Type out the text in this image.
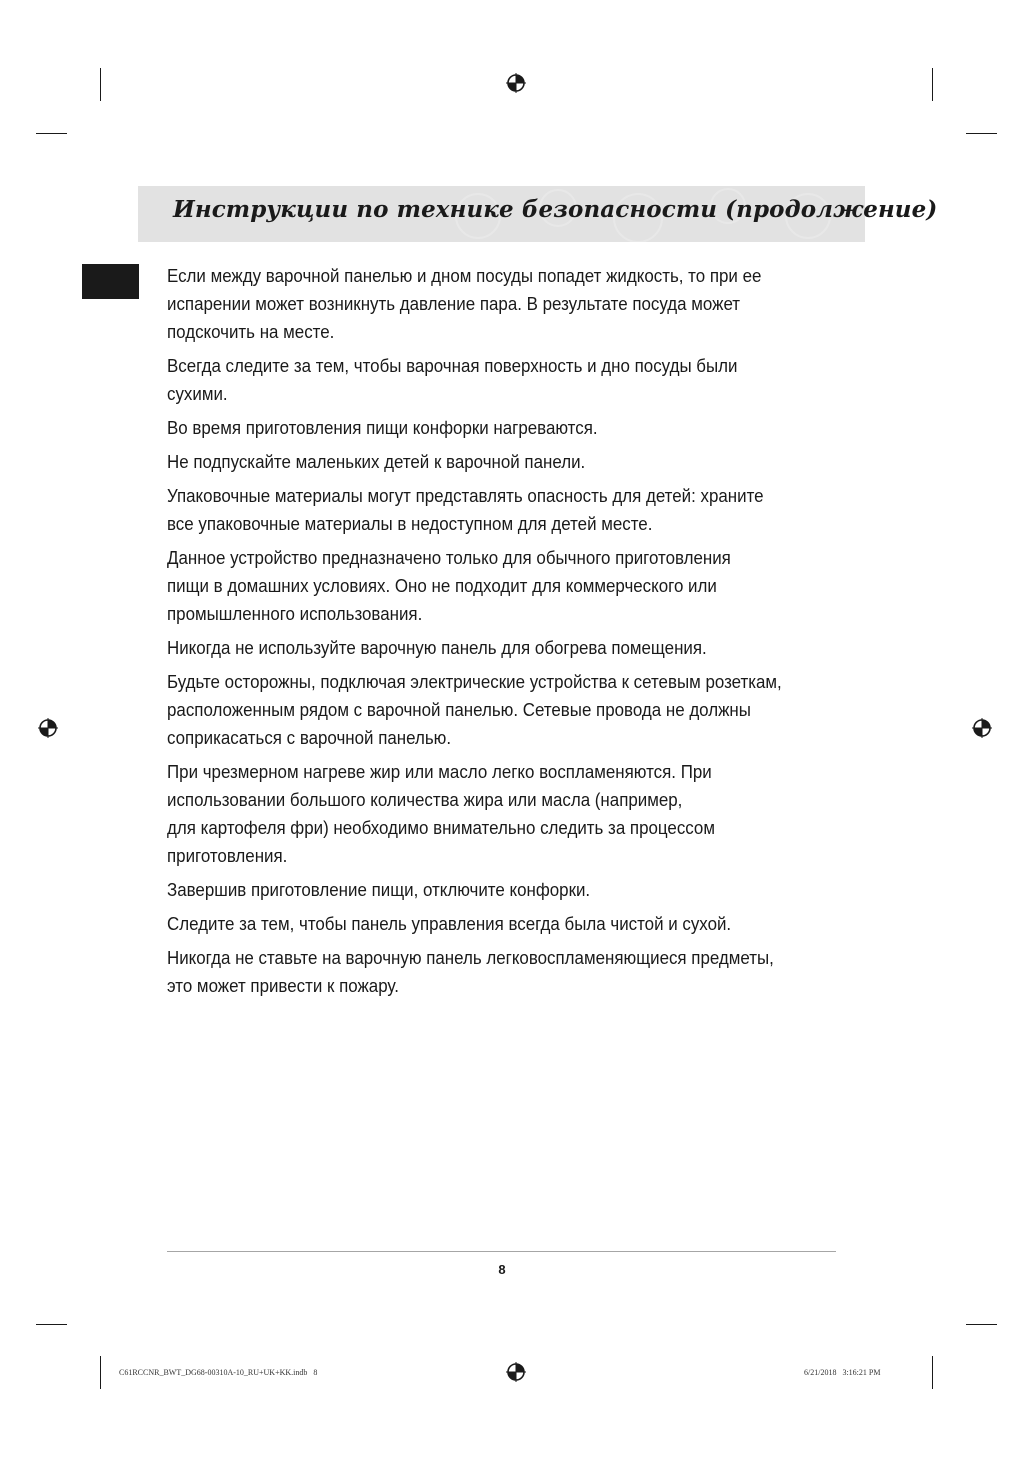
Инструкции по технике безопасности (продолжение)

Если между варочной панелью и дном посуды попадет жидкость, то при ее
испарении может возникнуть давление пара. В результате посуда может
подскочить на месте.

Всегда следите за тем, чтобы варочная поверхность и дно посуды были
сухими.

Во время приготовления пищи конфорки нагреваются.

Не подпускайте маленьких детей к варочной панели.

Упаковочные материалы могут представлять опасность для детей: храните
все упаковочные материалы в недоступном для детей месте.

Данное устройство предназначено только для обычного приготовления
пищи в домашних условиях. Оно не подходит для коммерческого или
промышленного использования.

Никогда не используйте варочную панель для обогрева помещения.

Будьте осторожны, подключая электрические устройства к сетевым розеткам,
расположенным рядом с варочной панелью. Сетевые провода не должны
соприкасаться с варочной панелью.

При чрезмерном нагреве жир или масло легко воспламеняются. При
использовании большого количества жира или масла (например,
для картофеля фри) необходимо внимательно следить за процессом
приготовления.

Завершив приготовление пищи, отключите конфорки.

Следите за тем, чтобы панель управления всегда была чистой и сухой.

Никогда не ставьте на варочную панель легковоспламеняющиеся предметы,
это может привести к пожару.

8
C61RCCNR_BWT_DG68-00310A-10_RU+UK+KK.indb   8	6/21/2018   3:16:21 PM
